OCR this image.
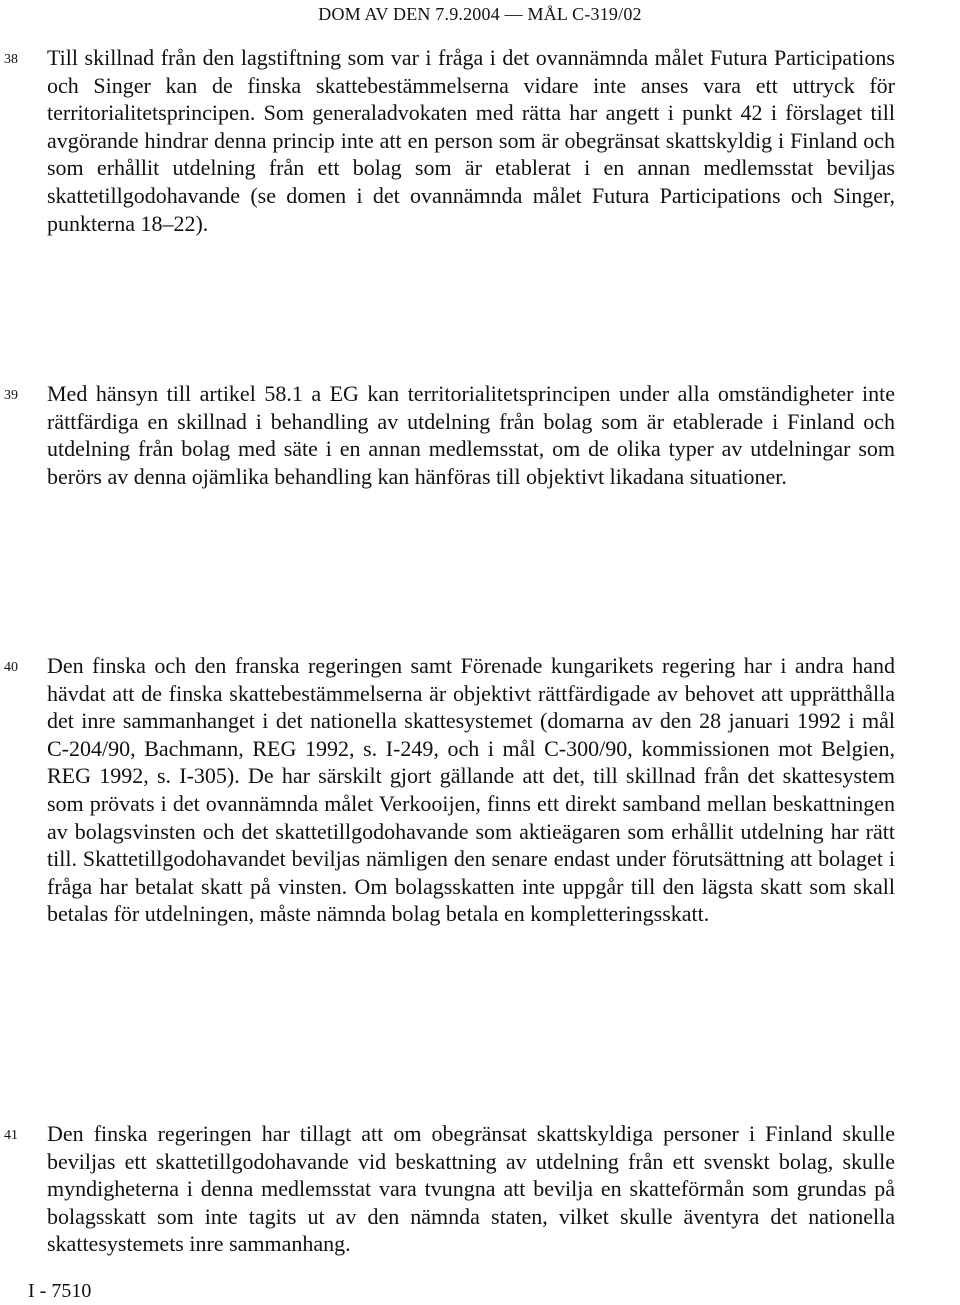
DOM AV DEN 7.9.2004 — MÅL C-319/02
38 Till skillnad från den lagstiftning som var i fråga i det ovannämnda målet Futura Participations och Singer kan de finska skattebestämmelserna vidare inte anses vara ett uttryck för territorialitetsprincipen. Som generaladvokaten med rätta har angett i punkt 42 i förslaget till avgörande hindrar denna princip inte att en person som är obegränsat skattskyldig i Finland och som erhållit utdelning från ett bolag som är etablerat i en annan medlemsstat beviljas skattetillgodohavande (se domen i det ovannämnda målet Futura Participations och Singer, punkterna 18–22).

39 Med hänsyn till artikel 58.1 a EG kan territorialitetsprincipen under alla omständigheter inte rättfärdiga en skillnad i behandling av utdelning från bolag som är etablerade i Finland och utdelning från bolag med säte i en annan medlemsstat, om de olika typer av utdelningar som berörs av denna ojämlika behandling kan hänföras till objektivt likadana situationer.

40 Den finska och den franska regeringen samt Förenade kungarikets regering har i andra hand hävdat att de finska skattebestämmelserna är objektivt rättfärdigade av behovet att upprätthålla det inre sammanhanget i det nationella skattesystemet (domarna av den 28 januari 1992 i mål C-204/90, Bachmann, REG 1992, s. I-249, och i mål C-300/90, kommissionen mot Belgien, REG 1992, s. I-305). De har särskilt gjort gällande att det, till skillnad från det skattesystem som prövats i det ovannämnda målet Verkooijen, finns ett direkt samband mellan beskattningen av bolagsvinsten och det skattetillgodohavande som aktieägaren som erhållit utdelning har rätt till. Skattetillgodohavandet beviljas nämligen den senare endast under förutsättning att bolaget i fråga har betalat skatt på vinsten. Om bolagsskatten inte uppgår till den lägsta skatt som skall betalas för utdelningen, måste nämnda bolag betala en kompletteringsskatt.

41 Den finska regeringen har tillagt att om obegränsat skattskyldiga personer i Finland skulle beviljas ett skattetillgodohavande vid beskattning av utdelning från ett svenskt bolag, skulle myndigheterna i denna medlemsstat vara tvungna att bevilja en skatteförmån som grundas på bolagsskatt som inte tagits ut av den nämnda staten, vilket skulle äventyra det nationella skattesystemets inre sammanhang.

I - 7510
